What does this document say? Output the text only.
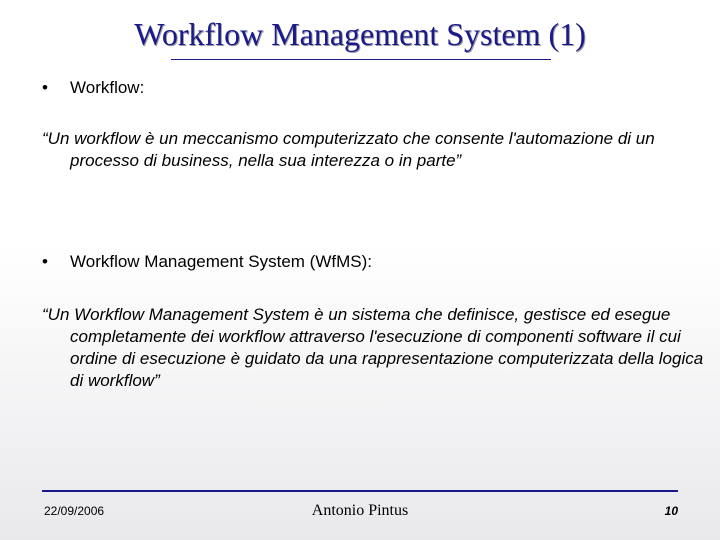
Workflow Management System (1)
• Workflow:

“Un workflow è un meccanismo computerizzato che consente l'automazione di un processo di business, nella sua interezza o in parte”

• Workflow Management System (WfMS):

“Un Workflow Management System è un sistema che definisce, gestisce ed esegue completamente dei workflow attraverso l'esecuzione di componenti software il cui ordine di esecuzione è guidato da una rappresentazione computerizzata della logica di workflow”

22/09/2006	Antonio Pintus	10
